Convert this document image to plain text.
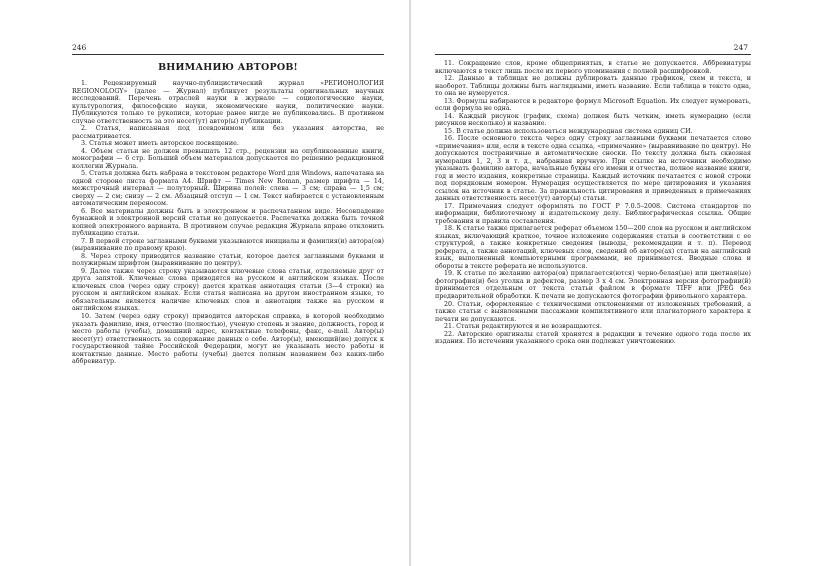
246
ВНИМАНИЮ АВТОРОВ!

1. Рецензируемый научно-публицистический журнал «РЕГИОНОЛОГИЯ REGIONOLOGY» (далее — Журнал) публикует результаты оригинальных научных исследований. Перечень отраслей науки в журнале — социологические науки, культурология, философские науки, экономические науки, политические науки. Публикуются только те рукописи, которые ранее нигде не публиковались. В противном случае ответственность за это несет(ут) автор(ы) публикации.

2. Статья, написанная под псевдонимом или без указания авторства, не рассматривается.

3. Статья может иметь авторское посвящение.

4. Объем статьи не должен превышать 12 стр., рецензии на опубликованные книги, монографии — 6 стр. Больший объем материалов допускается по решению редакционной коллегии Журнала.

5. Статья должна быть набрана в текстовом редакторе Word для Windows, напечатана на одной стороне листа формата А4. Шрифт — Times New Roman, размер шрифта — 14, межстрочный интервал — полуторный. Ширина полей: слева — 3 см; справа — 1,5 см; сверху — 2 см; снизу — 2 см. Абзацный отступ — 1 см. Текст набирается с установленным автоматическим переносом.

6. Все материалы должны быть в электронном и распечатанном виде. Несовпадение бумажной и электронной версий статьи не допускается. Распечатка должна быть точной копией электронного варианта. В противном случае редакция Журнала вправе отклонить публикацию статьи.

7. В первой строке заглавными буквами указываются инициалы и фамилия(и) автора(ов) (выравнивание по правому краю).

8. Через строку приводится название статьи, которое дается заглавными буквами и полужирным шрифтом (выравнивание по центру).

9. Далее также через строку указываются ключевые слова статьи, отделяемые друг от друга запятой. Ключевые слова приводятся на русском и английском языках. После ключевых слов (через одну строку) дается краткая аннотация статьи (3—4 строки) на русском и английском языках. Если статья написана на другом иностранном языке, то обязательным является наличие ключевых слов и аннотации также на русском и английском языках.

10. Затем (через одну строку) приводится авторская справка, в которой необходимо указать фамилию, имя, отчество (полностью), ученую степень и звание, должность, город и место работы (учебы), домашний адрес, контактные телефоны, факс, e-mail. Автор(ы) несет(ут) ответственность за содержание данных о себе. Автор(ы), имеющий(ие) допуск к государственной тайне Российской Федерации, могут не указывать место работы и контактные данные. Место работы (учебы) дается полным названием без каких-либо аббревиатур.

247

11. Сокращение слов, кроме общепринятых, в статье не допускается. Аббревиатуры включаются в текст лишь после их первого упоминания с полной расшифровкой.

12. Данные в таблицах не должны дублировать данные графиков, схем и текста, и наоборот. Таблицы должны быть наглядными, иметь название. Если таблица в тексте одна, то она не нумеруется.

13. Формулы набираются в редакторе формул Microsoft Equation. Их следует нумеровать, если формула не одна.

14. Каждый рисунок (график, схема) должен быть четким, иметь нумерацию (если рисунков несколько) и название.

15. В статье должна использоваться международная система единиц СИ.

16. После основного текста через одну строку заглавными буквами печатается слово «примечания» или, если в тексте одна ссылка, «примечание» (выравнивание по центру). Не допускаются постраничные и автоматические сноски. По тексту должна быть сквозная нумерация 1, 2, 3 и т. д., набранная вручную. При ссылке на источники необходимо указывать фамилию автора, начальные буквы его имени и отчества, полное название книги, год и место издания, конкретные страницы. Каждый источник печатается с новой строки под порядковым номером. Нумерация осуществляется по мере цитирования и указания ссылок на источник в статье. За правильность цитирования и приведенных в примечаниях данных ответственность несет(ут) автор(ы) статьи.

17. Примечания следует оформлять по ГОСТ Р 7.0.5–2008. Система стандартов по информации, библиотечному и издательскому делу. Библиографическая ссылка. Общие требования и правила составления.

18. К статье также прилагается реферат объемом 150—200 слов на русском и английском языках, включающий краткое, точное изложение содержания статьи в соответствии с ее структурой, а также конкретные сведения (выводы, рекомендации и т. п). Перевод реферата, а также аннотаций, ключевых слов, сведений об авторе(ах) статьи на английский язык, выполненный компьютерными программами, не принимается. Вводные слова и обороты в тексте реферата не используются.

19. К статье по желанию автора(ов) прилагается(ются) черно-белая(ые) или цветная(ые) фотография(и) без уголка и дефектов, размер 3 х 4 см. Электронная версия фотографии(й) принимается отдельным от текста статьи файлом в формате TIFF или JPEG без предварительной обработки. К печати не допускаются фотографии фривольного характера.

20. Статьи, оформленные с техническими отклонениями от изложенных требований, а также статьи с выявленными пассажами компилятивного или плагиаторного характера к печати не допускаются.

21. Статьи редактируются и не возвращаются.

22. Авторские оригиналы статей хранятся в редакции в течение одного года после их издания. По истечении указанного срока они подлежат уничтожению.
